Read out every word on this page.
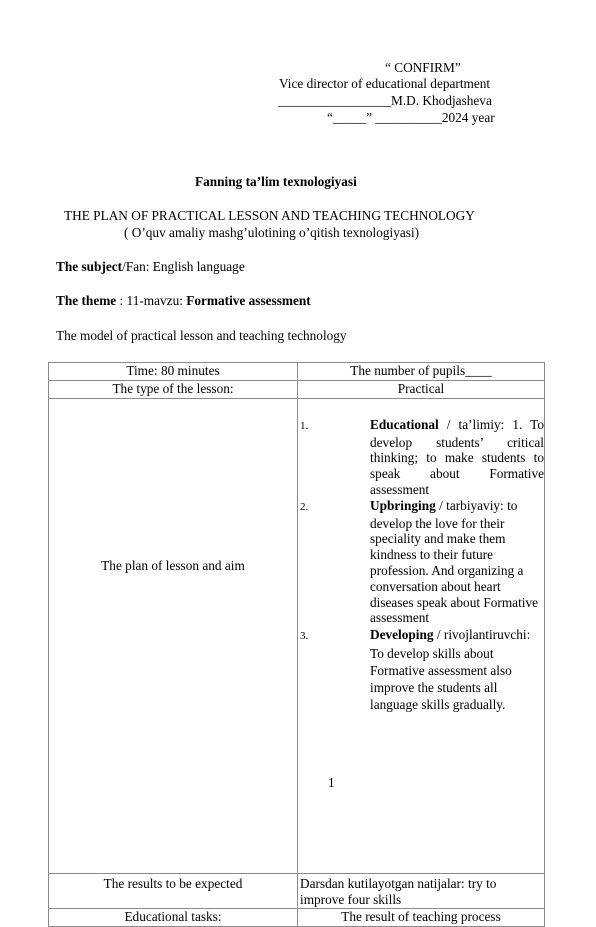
“ CONFIRM”
Vice director of educational department
_________________M.D. Khodjasheva
“_____” __________2024 year
Fanning ta’lim texnologiyasi
THE PLAN OF PRACTICAL LESSON AND TEACHING TECHNOLOGY
( O’quv amaliy mashg’ulotining o’qitish texnologiyasi)
The subject/Fan: English language
The theme : 11-mavzu: Formative assessment
The model of practical lesson and teaching technology
Time: 80 minutes	The number of pupils____
The type of the lesson:	Practical
The plan of lesson and aim	1. Educational / ta’limiy: 1. To develop students’ critical thinking; to make students to speak about Formative assessment

2. Upbringing / tarbiyaviy: to develop the love for their speciality and make them kindness to their future profession. And organizing a conversation about heart diseases speak about Formative assessment

3. Developing / rivojlantiruvchi: To develop skills about Formative assessment also improve the students all language skills gradually.

The results to be expected	Darsdan kutilayotgan natijalar: try to improve four skills
Educational tasks:	The result of teaching process
1
